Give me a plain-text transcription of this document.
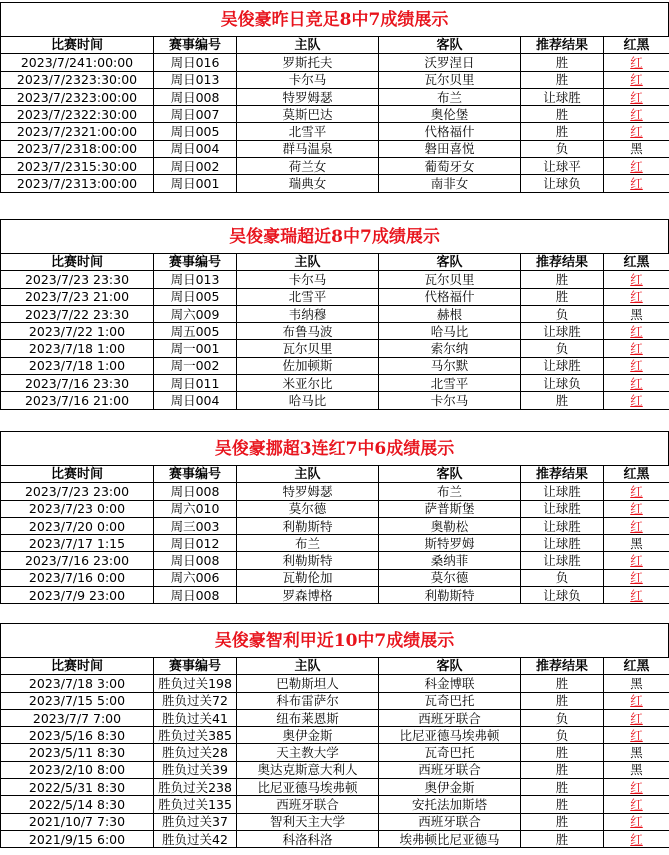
吴俊豪昨日竞足8中7成绩展示
比赛时间	赛事编号	主队	客队	推荐结果	红黑
2023/7/241:00:00	周日016	罗斯托夫	沃罗涅日	胜	红
2023/7/2323:30:00	周日013	卡尔马	瓦尔贝里	胜	红
2023/7/2323:00:00	周日008	特罗姆瑟	布兰	让球胜	红
2023/7/2322:30:00	周日007	莫斯巴达	奥伦堡	胜	红
2023/7/2321:00:00	周日005	北雪平	代格福什	胜	红
2023/7/2318:00:00	周日004	群马温泉	磐田喜悦	负	黑
2023/7/2315:30:00	周日002	荷兰女	葡萄牙女	让球平	红
2023/7/2313:00:00	周日001	瑞典女	南非女	让球负	红
吴俊豪瑞超近8中7成绩展示
比赛时间	赛事编号	主队	客队	推荐结果	红黑
2023/7/23 23:30	周日013	卡尔马	瓦尔贝里	胜	红
2023/7/23 21:00	周日005	北雪平	代格福什	胜	红
2023/7/22 23:30	周六009	韦纳穆	赫根	负	黑
2023/7/22 1:00	周五005	布鲁马波	哈马比	让球胜	红
2023/7/18 1:00	周一001	瓦尔贝里	索尔纳	负	红
2023/7/18 1:00	周一002	佐加顿斯	马尔默	让球胜	红
2023/7/16 23:30	周日011	米亚尔比	北雪平	让球负	红
2023/7/16 21:00	周日004	哈马比	卡尔马	胜	红
吴俊豪挪超3连红7中6成绩展示
比赛时间	赛事编号	主队	客队	推荐结果	红黑
2023/7/23 23:00	周日008	特罗姆瑟	布兰	让球胜	红
2023/7/23 0:00	周六010	莫尔德	萨普斯堡	让球胜	红
2023/7/20 0:00	周三003	利勒斯特	奥勒松	让球胜	红
2023/7/17 1:15	周日012	布兰	斯特罗姆	让球胜	黑
2023/7/16 23:00	周日008	利勒斯特	桑纳菲	让球胜	红
2023/7/16 0:00	周六006	瓦勒伦加	莫尔德	负	红
2023/7/9 23:00	周日008	罗森博格	利勒斯特	让球负	红
吴俊豪智利甲近10中7成绩展示
比赛时间	赛事编号	主队	客队	推荐结果	红黑
2023/7/18 3:00	胜负过关198	巴勒斯坦人	科金博联	胜	黑
2023/7/15 5:00	胜负过关72	科布雷萨尔	瓦奇巴托	胜	红
2023/7/7 7:00	胜负过关41	纽布莱恩斯	西班牙联合	负	红
2023/5/16 8:30	胜负过关385	奥伊金斯	比尼亚德马埃弗顿	负	红
2023/5/11 8:30	胜负过关28	天主教大学	瓦奇巴托	胜	黑
2023/2/10 8:00	胜负过关39	奥达克斯意大利人	西班牙联合	胜	黑
2022/5/31 8:30	胜负过关238	比尼亚德马埃弗顿	奥伊金斯	胜	红
2022/5/14 8:30	胜负过关135	西班牙联合	安托法加斯塔	胜	红
2021/10/7 7:30	胜负过关37	智利天主大学	西班牙联合	胜	红
2021/9/15 6:00	胜负过关42	科洛科洛	埃弗顿比尼亚德马	胜	红
